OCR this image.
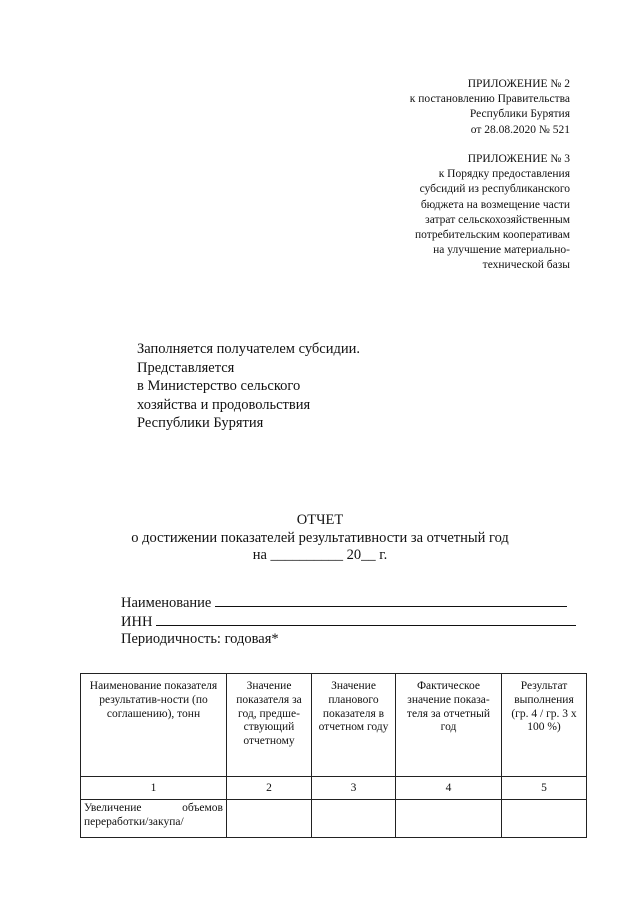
ПРИЛОЖЕНИЕ № 2
к постановлению Правительства
Республики Бурятия
от 28.08.2020 № 521
ПРИЛОЖЕНИЕ № 3
к Порядку предоставления
субсидий из республиканского
бюджета на возмещение части
затрат сельскохозяйственным
потребительским кооперативам
на улучшение материально-
технической базы
Заполняется получателем субсидии.
Представляется
в Министерство сельского
хозяйства и продовольствия
Республики Бурятия
ОТЧЕТ
о достижении показателей результативности за отчетный год
на __________ 20__ г.
Наименование
ИНН
Периодичность: годовая*
Наименование показателя результатив-ности (по соглашению), тонн	Значение показателя за год, предше-ствующий отчетному	Значение планового показателя в отчетном году	Фактическое значение показа-теля за отчетный год	Результат выполнения (гр. 4 / гр. 3 х 100 %)
1	2	3	4	5
Увеличение объемов переработки/закупа/				
